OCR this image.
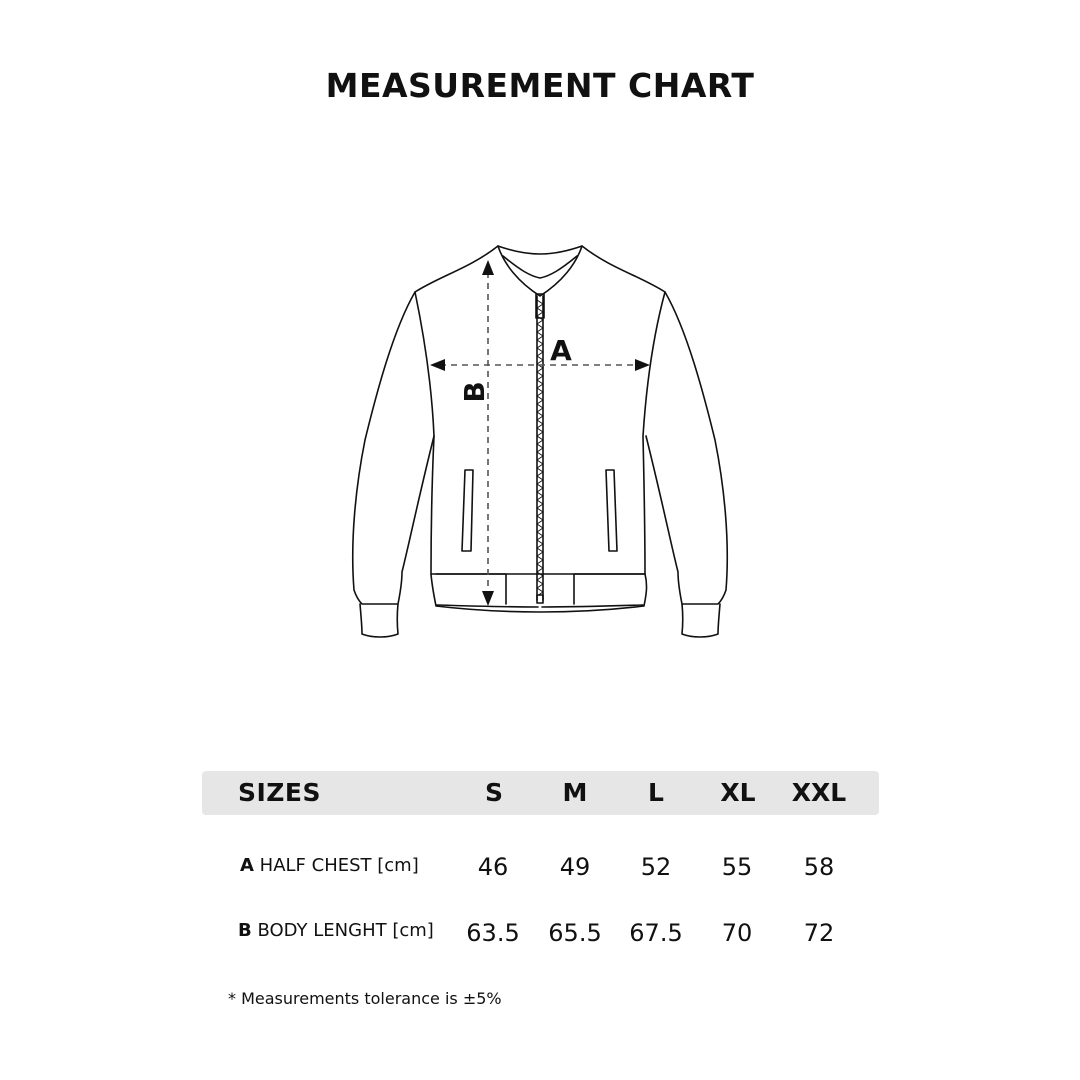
MEASUREMENT CHART
A
B
SIZES	S M L XL XXL
A HALF CHEST [cm] 46 49 52 55 58
B BODY LENGHT [cm] 63.5 65.5 67.5 70 72
* Measurements tolerance is ±5%
